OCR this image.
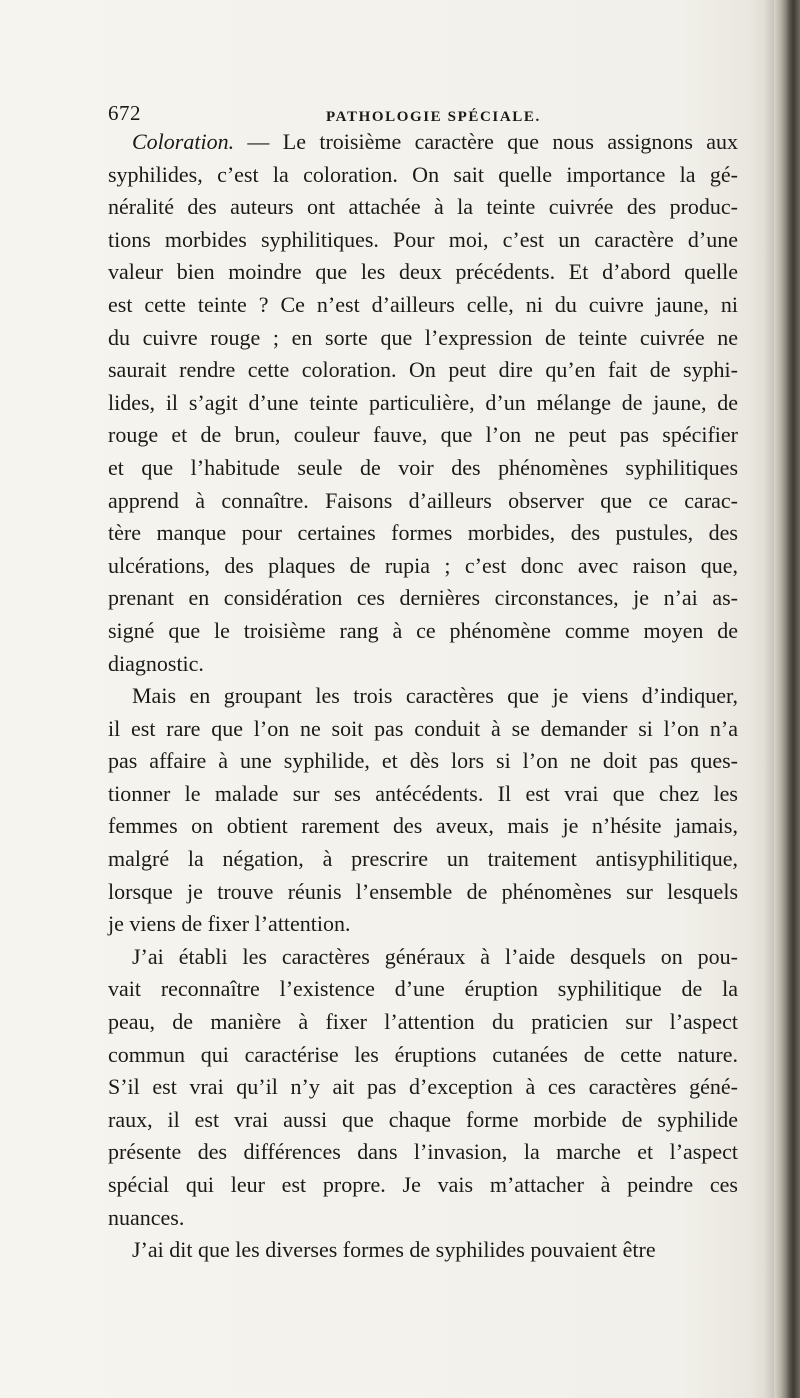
672	PATHOLOGIE SPÉCIALE.
Coloration. — Le troisième caractère que nous assignons aux
syphilides, c’est la coloration. On sait quelle importance la gé-
néralité des auteurs ont attachée à la teinte cuivrée des produc-
tions morbides syphilitiques. Pour moi, c’est un caractère d’une
valeur bien moindre que les deux précédents. Et d’abord quelle
est cette teinte ? Ce n’est d’ailleurs celle, ni du cuivre jaune, ni
du cuivre rouge ; en sorte que l’expression de teinte cuivrée ne
saurait rendre cette coloration. On peut dire qu’en fait de syphi-
lides, il s’agit d’une teinte particulière, d’un mélange de jaune, de
rouge et de brun, couleur fauve, que l’on ne peut pas spécifier
et que l’habitude seule de voir des phénomènes syphilitiques
apprend à connaître. Faisons d’ailleurs observer que ce carac-
tère manque pour certaines formes morbides, des pustules, des
ulcérations, des plaques de rupia ; c’est donc avec raison que,
prenant en considération ces dernières circonstances, je n’ai as-
signé que le troisième rang à ce phénomène comme moyen de
diagnostic.
Mais en groupant les trois caractères que je viens d’indiquer,
il est rare que l’on ne soit pas conduit à se demander si l’on n’a
pas affaire à une syphilide, et dès lors si l’on ne doit pas ques-
tionner le malade sur ses antécédents. Il est vrai que chez les
femmes on obtient rarement des aveux, mais je n’hésite jamais,
malgré la négation, à prescrire un traitement antisyphilitique,
lorsque je trouve réunis l’ensemble de phénomènes sur lesquels
je viens de fixer l’attention.
J’ai établi les caractères généraux à l’aide desquels on pou-
vait reconnaître l’existence d’une éruption syphilitique de la
peau, de manière à fixer l’attention du praticien sur l’aspect
commun qui caractérise les éruptions cutanées de cette nature.
S’il est vrai qu’il n’y ait pas d’exception à ces caractères géné-
raux, il est vrai aussi que chaque forme morbide de syphilide
présente des différences dans l’invasion, la marche et l’aspect
spécial qui leur est propre. Je vais m’attacher à peindre ces
nuances.
J’ai dit que les diverses formes de syphilides pouvaient être
